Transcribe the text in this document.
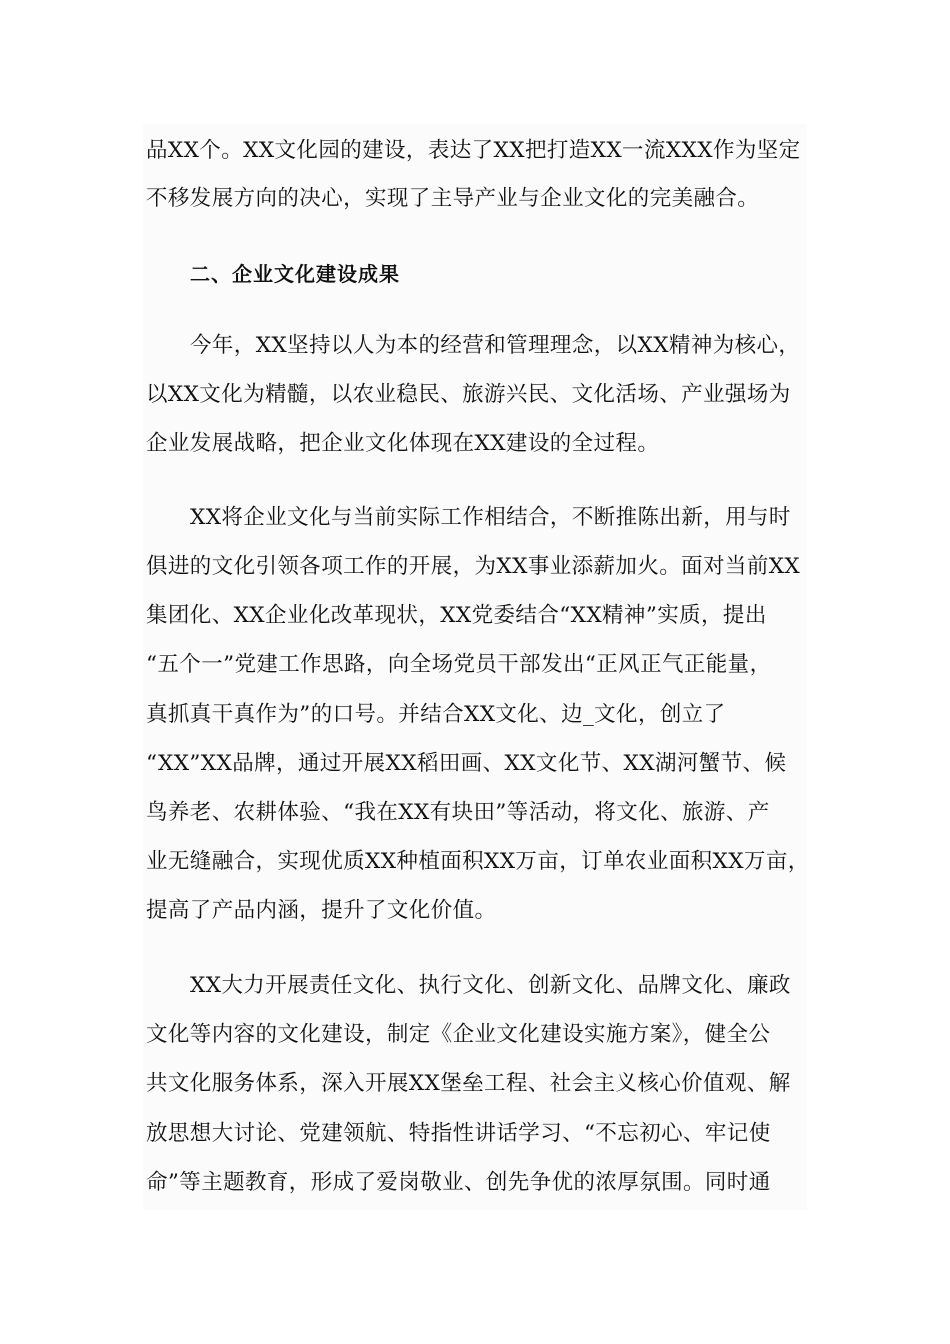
品XX个。XX文化园的建设，表达了XX把打造XX一流XXX作为坚定

不移发展方向的决心，实现了主导产业与企业文化的完美融合。

二、企业文化建设成果

今年，XX坚持以人为本的经营和管理理念，以XX精神为核心，

以XX文化为精髓，以农业稳民、旅游兴民、文化活场、产业强场为

企业发展战略，把企业文化体现在XX建设的全过程。

XX将企业文化与当前实际工作相结合，不断推陈出新，用与时

俱进的文化引领各项工作的开展，为XX事业添薪加火。面对当前XX

集团化、XX企业化改革现状，XX党委结合“XX精神”实质，提出

“五个一”党建工作思路，向全场党员干部发出“正风正气正能量，

真抓真干真作为”的口号。并结合XX文化、边_文化，创立了

“XX”XX品牌，通过开展XX稻田画、XX文化节、XX湖河蟹节、候

鸟养老、农耕体验、“我在XX有块田”等活动，将文化、旅游、产

业无缝融合，实现优质XX种植面积XX万亩，订单农业面积XX万亩，

提高了产品内涵，提升了文化价值。

XX大力开展责任文化、执行文化、创新文化、品牌文化、廉政

文化等内容的文化建设，制定《企业文化建设实施方案》，健全公

共文化服务体系，深入开展XX堡垒工程、社会主义核心价值观、解

放思想大讨论、党建领航、特指性讲话学习、“不忘初心、牢记使

命”等主题教育，形成了爱岗敬业、创先争优的浓厚氛围。同时通
